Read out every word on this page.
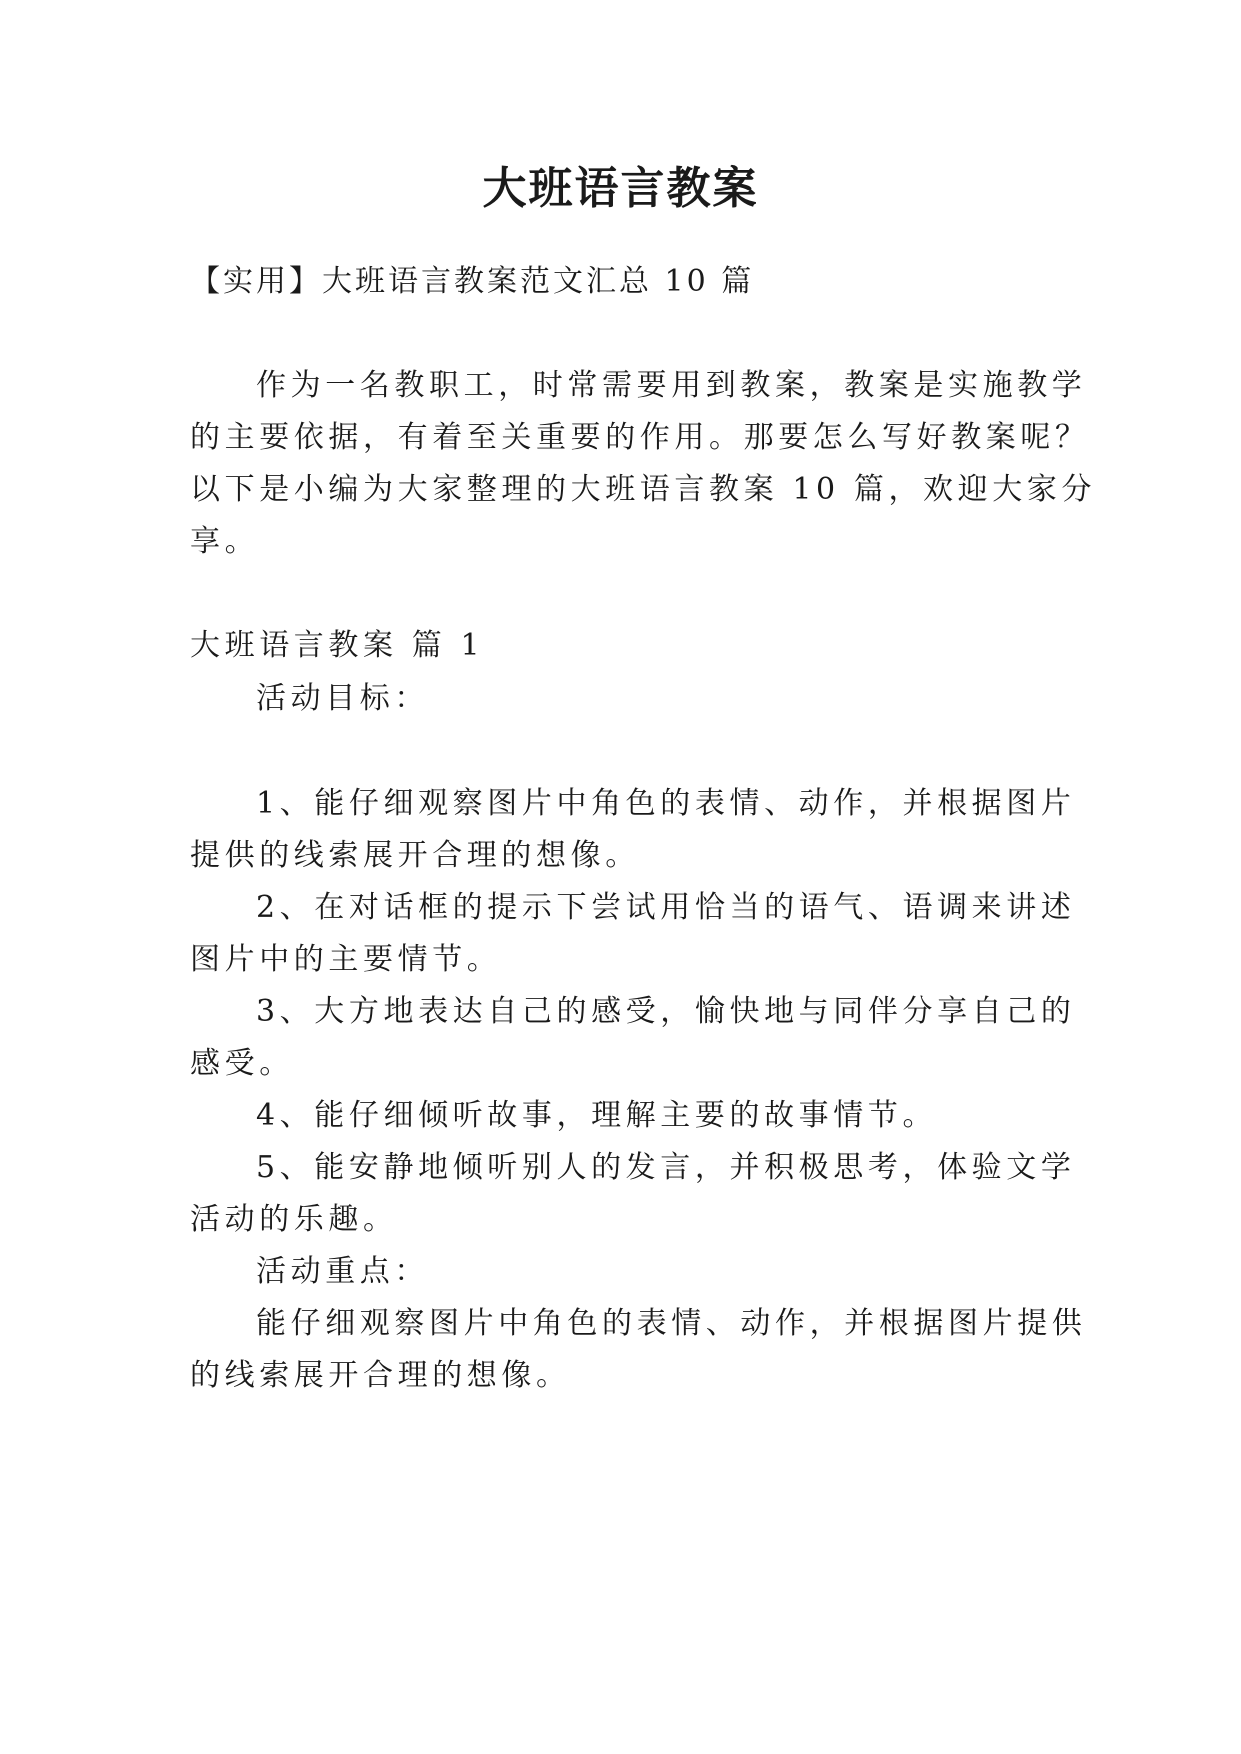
大班语言教案
【实用】大班语言教案范文汇总 10 篇
作为一名教职工，时常需要用到教案，教案是实施教学
的主要依据，有着至关重要的作用。那要怎么写好教案呢？
以下是小编为大家整理的大班语言教案 10 篇，欢迎大家分
享。
大班语言教案 篇 1
活动目标：
1、能仔细观察图片中角色的表情、动作，并根据图片
提供的线索展开合理的想像。
2、在对话框的提示下尝试用恰当的语气、语调来讲述
图片中的主要情节。
3、大方地表达自己的感受，愉快地与同伴分享自己的
感受。
4、能仔细倾听故事，理解主要的故事情节。
5、能安静地倾听别人的发言，并积极思考，体验文学
活动的乐趣。
活动重点：
能仔细观察图片中角色的表情、动作，并根据图片提供
的线索展开合理的想像。
